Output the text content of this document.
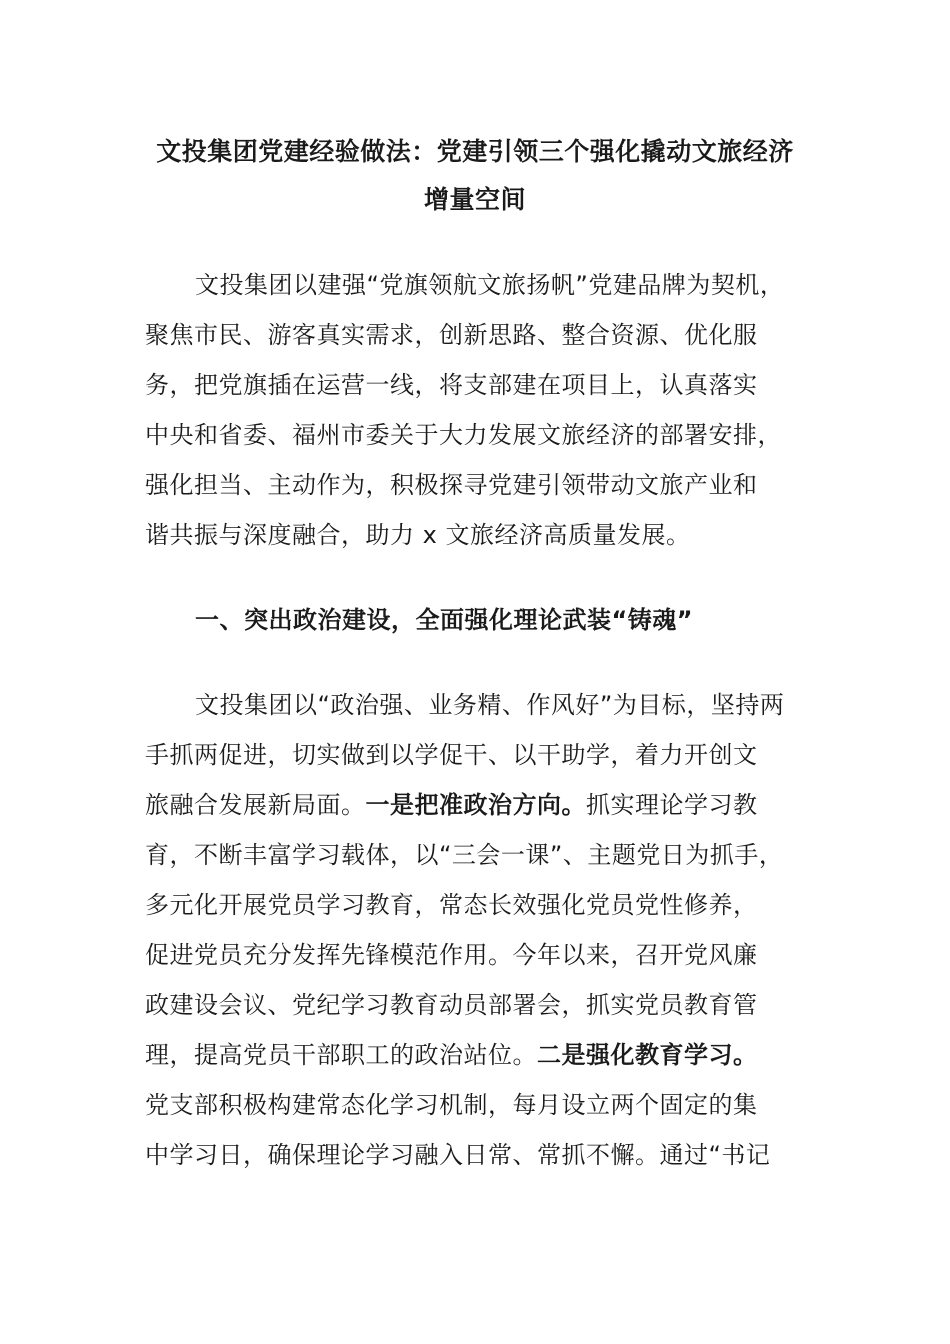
文投集团党建经验做法：党建引领三个强化撬动文旅经济
增量空间
文投集团以建强“党旗领航文旅扬帆”党建品牌为契机，
聚焦市民、游客真实需求，创新思路、整合资源、优化服
务，把党旗插在运营一线，将支部建在项目上，认真落实
中央和省委、福州市委关于大力发展文旅经济的部署安排，
强化担当、主动作为，积极探寻党建引领带动文旅产业和
谐共振与深度融合，助力 x 文旅经济高质量发展。
一、突出政治建设，全面强化理论武装“铸魂”
文投集团以“政治强、业务精、作风好”为目标，坚持两
手抓两促进，切实做到以学促干、以干助学，着力开创文
旅融合发展新局面。一是把准政治方向。抓实理论学习教
育，不断丰富学习载体，以“三会一课”、主题党日为抓手，
多元化开展党员学习教育，常态长效强化党员党性修养，
促进党员充分发挥先锋模范作用。今年以来，召开党风廉
政建设会议、党纪学习教育动员部署会，抓实党员教育管
理，提高党员干部职工的政治站位。二是强化教育学习。
党支部积极构建常态化学习机制，每月设立两个固定的集
中学习日，确保理论学习融入日常、常抓不懈。通过“书记
